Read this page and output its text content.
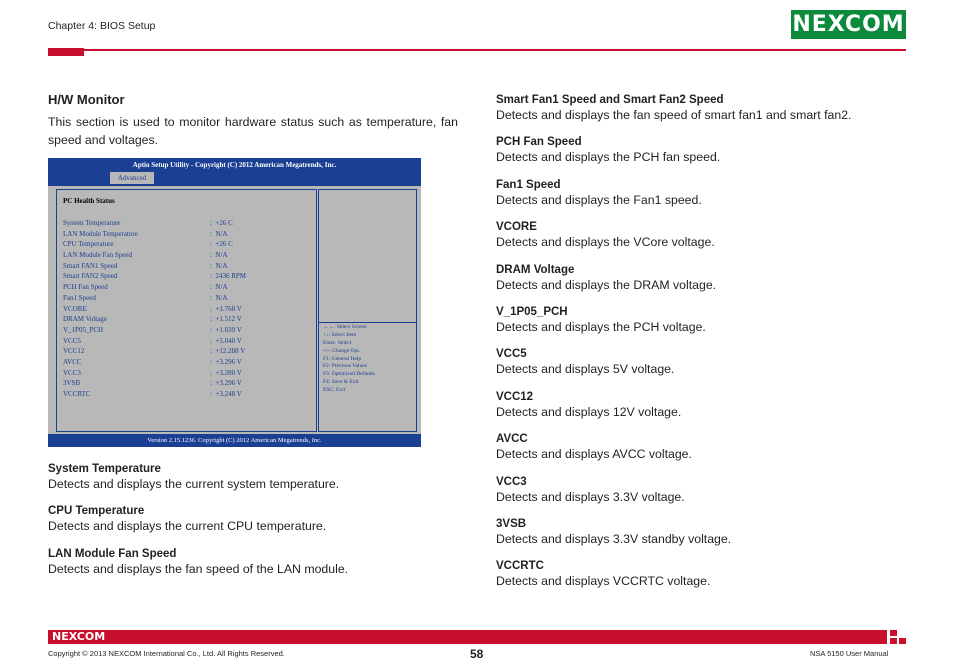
Chapter 4: BIOS Setup	NEXCOM
H/W Monitor
This section is used to monitor hardware status such as temperature, fan speed and voltages.
Aptio Setup Utility - Copyright (C) 2012 American Megatrends, Inc.
Advanced
PC Health Status
System Temperature	:  +26 C
LAN Module Temperature	:  N/A
CPU Temperature	:  +26 C
LAN Module Fan Speed	:  N/A
Smart FAN1 Speed	:  N/A
Smart FAN2 Speed	:  2436 RPM
PCH Fan Speed	:  N/A
Fan1 Speed	:  N/A
VCORE	:  +1.768 V
DRAM Voltage	:  +1.512 V
V_1P05_PCH	:  +1.039 V
VCC5	:  +5.040 V
VCC12	:  +12.288 V
AVCC	:  +3.296 V
VCC3	:  +3.280 V
3VSB	:  +3.296 V
VCCRTC	:  +3.248 V
→←: Select Screen
↑↓: Select Item
Enter: Select
+/-: Change Opt.
F1: General Help
F2: Previous Values
F3: Optimized Defaults
F4: Save & Exit
ESC: Exit
Version 2.15.1236. Copyright (C) 2012 American Megatrends, Inc.
System Temperature
Detects and displays the current system temperature.
CPU Temperature
Detects and displays the current CPU temperature.
LAN Module Fan Speed
Detects and displays the fan speed of the LAN module.
Smart Fan1 Speed and Smart Fan2 Speed
Detects and displays the fan speed of smart fan1 and smart fan2.
PCH Fan Speed
Detects and displays the PCH fan speed.
Fan1 Speed
Detects and displays the Fan1 speed.
VCORE
Detects and displays the VCore voltage.
DRAM Voltage
Detects and displays the DRAM voltage.
V_1P05_PCH
Detects and displays the PCH voltage.
VCC5
Detects and displays 5V voltage.
VCC12
Detects and displays 12V voltage.
AVCC
Detects and displays AVCC voltage.
VCC3
Detects and displays 3.3V voltage.
3VSB
Detects and displays 3.3V standby voltage.
VCCRTC
Detects and displays VCCRTC voltage.
NEXCOM
Copyright © 2013 NEXCOM International Co., Ltd. All Rights Reserved.	58	NSA 5150 User Manual
